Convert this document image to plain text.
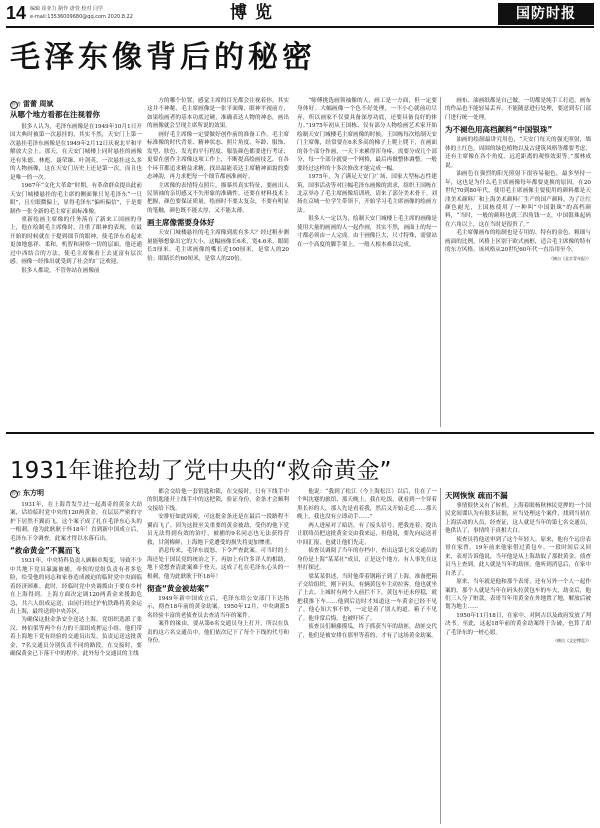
14 编辑 崔亚力 制作 唐萱 校对 闫学
e-mail:13536009680@qq.com 2020.8.22	博览	国防时报
毛泽东像背后的秘密
作者 雷蕾 周斌
从哪个地方看都在注视着你

很多人认为，毛泽东画像是在1949年10月1日开国大典时被第一次悬挂的，其实不然，天安门上第一次悬挂毛泽东画像是在1949年2月12日庆祝北平和平解放大会上。那天，在天安门城楼上同时悬挂的画像还有朱德、林彪、聂荣臻、叶剑英。一次悬挂这么多的人物画像，这在天安门历史上还是第一次，而且也是唯一的一次。

1967年“文化大革命”时期，有革命群众提出此前天安门城楼悬挂的毛主席的侧面像只见毛泽东“一只眼”，且左眼微偏上，显得毛泽东“偏听偏信”，于是要制作一张全新的毛主席正面标准像。

重新绘画主席像的任务落在了新来工国画的身上，他在绘制毛主席像时，注重了眼神的表现，在最开始的时候就在于提到细节的眼神，使毛泽东看起来更加地慈祥、柔和，机智和洞察一切的层面，他还通过中西结合的方法，使毛主席像看上去更富有层次感。画像一经推出就受到了社会的广泛欢迎。

很多人都说，不管你站在画像前

方的哪个位置，感觉主席的目光都会注视着你。其实这并不神秘，毛主席画像是一张平面像，眼神平视前方，如果绘画者的基本功底过硬，准确表达人物的神态，画出的画像就会呈现主席所说的效果。

画好毛主席像一定要做好创作前的准备工作。毛主席标准像的时代背景、精神状态、照片角度、年龄、服饰、发型、肤色、发光的平行程度、服装颜色都要进行考证；更要在创作主席像这项工作上，不断提高绘画技艺，在各个环节都追求精益求精，找出最能表达主席精神面貌的姿态神韵，再力求把每一个细节都画准画好。

主席像的表情特点照片，描摹其真实特征，要画出人民领袖的亲切感又不失形象的准确性。还要在材料技术上把握，颜色要保证质量，绘画时不要太复杂，不要有明显的笔触，颜色既不能太厚，又不能太薄。

画主席像需要身体好

天安门城楼悬挂的毛主席像到底有多大？经过粗步测量能够想象出它的大小。这幅画像长6米，宽4.6米，眼睛长5厘米。毛主席画像的嘴长近100厘米，是常人的20倍；眼睛长约60厘米，是常人的20倍。

“师傅挑选画领袖像的人，画工是一方面，但一定要身体好。大幅画像一个色不好处理，一不小心就前功尽弃，所以画家不仅要具备深厚功底，还要具备良好的体力。”1975年初从王国栋、仅有部分人物绘画艺术家开始绘制天安门城楼毛主席画像的时候，王国栋每次绘制天安门主席像，经常要在6米多高的梯子上爬上爬下，在画面的各个部分作画，一天下来累得浑身疼。需要分成几个部分，每一个部分就要一个网格，最后再做整体调整。一般要经过这样的十多次修改才能完成一幅。

1975年，为了满足天安门广场、国家大型标志性建筑、国事活动等对巨幅毛泽东画像的需求，组织王国栋在北京举办了毛主席画像培训班，请来了部分美术骨干。刘扬在京城一位学生带领下，开始学习毛主席画像的绘画方法。

很多人一定以为，绘制天安门城楼上毛主席的画像是使用大量的画画的人一起作画，其实不然，画面上的每一寸都必须由一人完成。由于画像巨大，尺寸特殊，需要站在一个高度的脚手架上，一般人根本难以完成。

画布、油画纸都是自己做，一切都是纯手工打造，画布的作品也不能轻易丢弃，不能随意进行处理，要送到专门部门进行统一处理。

为不褪色用高档颜料“中国银珠”

油画的绘制最讲究用色，“天安门每天的强光照射，墙体的土红色，周围的绿色植物以及古建筑风格等都要考虑，还有主席像在各个角度、远近距离的观察效果等。”那林成说。

油画色在强烈的阳光照射下很容易褪色，最多坚持一年，这也是为什么毛主席画像每年都要更换的原因。在20世纪70到80年代，使用毛主席画像主要使用的颜料都是天津美术颜料厂和上海美术颜料厂生产的国产颜料。为了让红颜色耐光，王国栋使用了一种叫“中国银珠”的高档颜料，“当时，一般的颜料也就三四角钱一支，中国银珠起码在六角以上，这在当时是很贵了。”

毛主席像画布的绘制也是专用的、特有的金色、粗细与画面的比例，风格上区别于欧式画框，适合毛主席像的特有的东方风格，该风格从20世纪60年代一直沿用至今。

（摘自《北京青年报》）

1931年谁抢劫了党中央的“救命黄金”
作者 东方明

1931年，在上海背发生过一起离奇的黄金大劫案，话给临时党中央的120两黄金，在层层严密的守护下居然不翼而飞。这个案子成了扎在毛泽东心头的一根刺，他为此耿耿于怀18年！直到新中国成立后，毛泽东下令调查，此案才得以水落石出。

“救命黄金”不翼而飞

1931年，中央特科负责人顾顺章叛变，导致不少中共地下党员暴露被捕，牵俟的党组负责有者多危险，给受他的同志和家眷造成被迫的临时党中央面临着经济困难。此时，经临时党中央调拨由于要在乡村在上海得到。上海方面决定调120两黄金来援助危急，共六人组成运送，由闵行经过沪杭铁路将黄金运出上海，最终送到中央苏区。

为确保这批金条安全送达上海，党组织选派了张汉、林伯渠等两个有力的干部组成押运小组，他们带着上海地下党有经验的交通员出发，负责运送这批黄金，7名交通员分别负责不同的路段。在交接时，要确保黄金已下落干中的程序，此外每个交通员的主线

都会交给他一套钥匙和锁，在交接时，只有下线手中的钥匙能开上线手中的这把锁，验证身份，金条才会顺利交接给下线。

安排好如此周密，可这批金条还是在最后一段路程不翼而飞了。因为这批至关重要的黄金被劫，受伤的他下党员无法得到有效的治疗，被捕的9名同志也无法获得营救，甘剑梅鲜，上海地下党遭受的损失将更加惨重。

消息传来，毛泽东震怒，下令严查此案。可当时的上海还处于国民党的统治之下，再加上有许多详人的相助，地下党想查清此案难于登天，这成了扎在毛泽东心头的一根刺，他为此耿耿于怀18年！

彻查“黄金被劫案”

1949年新中国成立后，毛泽东给公安部门下达指示，彻查18年前的黄金劫案。1950年12月，中央调派5名经验丰富的老侦查员去查清当年的案件。

案件的缘由，要从第6名交通员身上打开，所以在负责的这六名交通员中，他们依次记下了每个下线的代号和身份。

他说：“我到了松江（今上海松江）以后，住在了一个叫沈蹇的旅馆，那天晚上，我在吃饭，就看到一个穿着黑长衫的人，那人先是看着我，然后又开始走近……那天晚上，我也没有立即动手……”

两人进屋对了暗语，有了接头信号，把我连着，提出让联络员把这批黄金交由我来运，但他说，要先向运送者中间汇报，也就让他们先走。

侦查员调阅了当年的存档中，查出这第七名交通员的身份是上海“某某社”成员，正是这个地方，有人事先在这里打探过。

梁某某供述，当时他带着钢箱子到了上海，准备把箱子交给组织，刚下码头，有辆黄包车主动拉客，他也就坐了上去。上城时有两个人前拦不下，黄包车还未停稳，就把我推下车……他到后边时才知道这一车黄金已经不见了。他心知大事不妙，一定是着了别人的道，箱子不见了。他非常后悔，也被吓坏了。

侦查员们顺藤摸瓜，终于抓获当年的劫匪，劫匪交代了，他们是被安排在那里等着的，才有了这场黄金劫案。

天网恢恢 疏而不漏

事情很快又有了转机。上海着眼杨秋林民党押的一个国民党间谍认为有很多证据，应当处理这个案件，找到当初在上海活动的人员，经查证，这人就是当年的第七名交通员，他供认了，事情终于真相大白。

侦查员将他送审到了这个年轻人。原来，他有个远房表哥在家曾，19年前来他家借过黄包车，一段时间后又回来，表哥告诉他说，当年他是从上海劫取了那批黄金。侦查员马上查到，此人就是当年的劫匪，他听到消息后，在家中自杀了。

原来，当年就是他和那个表哥，还有另外一个人一起作案的。那个人就是当年在码头拉黄包车的车夫，劫金后，他们三人分了赃款，表哥当年用黄金在外地置了地，解放后被划为地主……

1950年11月18日，在家中、对阿古以及政府发放了判决书。至此，这起18年前的黄金劫案终于告破，也算了却了毛泽东的一桩心愿。

（摘自《文史博览》）
